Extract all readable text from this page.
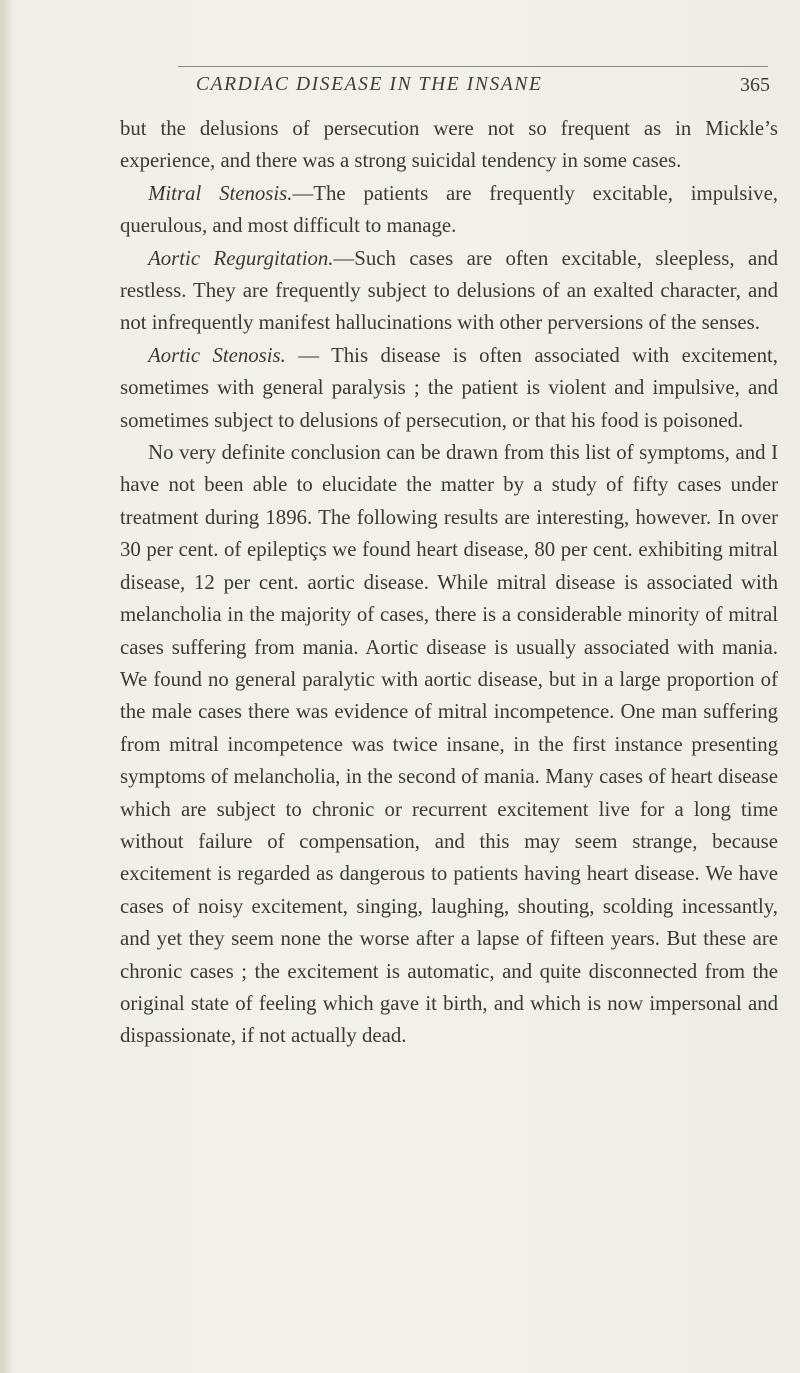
CARDIAC DISEASE IN THE INSANE	365

but the delusions of persecution were not so frequent as in Mickle’s experience, and there was a strong suicidal tendency in some cases.

Mitral Stenosis.—The patients are frequently excitable, impulsive, querulous, and most difficult to manage.

Aortic Regurgitation.—Such cases are often excitable, sleepless, and restless. They are frequently subject to delusions of an exalted character, and not infrequently manifest hallucinations with other perversions of the senses.

Aortic Stenosis. — This disease is often associated with excitement, sometimes with general paralysis ; the patient is violent and impulsive, and sometimes subject to delusions of persecution, or that his food is poisoned.

No very definite conclusion can be drawn from this list of symptoms, and I have not been able to elucidate the matter by a study of fifty cases under treatment during 1896. The following results are interesting, however. In over 30 per cent. of epileptiçs we found heart disease, 80 per cent. exhibiting mitral disease, 12 per cent. aortic disease. While mitral disease is associated with melancholia in the majority of cases, there is a considerable minority of mitral cases suffering from mania. Aortic disease is usually associated with mania. We found no general paralytic with aortic disease, but in a large proportion of the male cases there was evidence of mitral incompetence. One man suffering from mitral incompetence was twice insane, in the first instance presenting symptoms of melancholia, in the second of mania. Many cases of heart disease which are subject to chronic or recurrent excitement live for a long time without failure of compensation, and this may seem strange, because excitement is regarded as dangerous to patients having heart disease. We have cases of noisy excitement, singing, laughing, shouting, scolding incessantly, and yet they seem none the worse after a lapse of fifteen years. But these are chronic cases ; the excitement is automatic, and quite disconnected from the original state of feeling which gave it birth, and which is now impersonal and dispassionate, if not actually dead.
